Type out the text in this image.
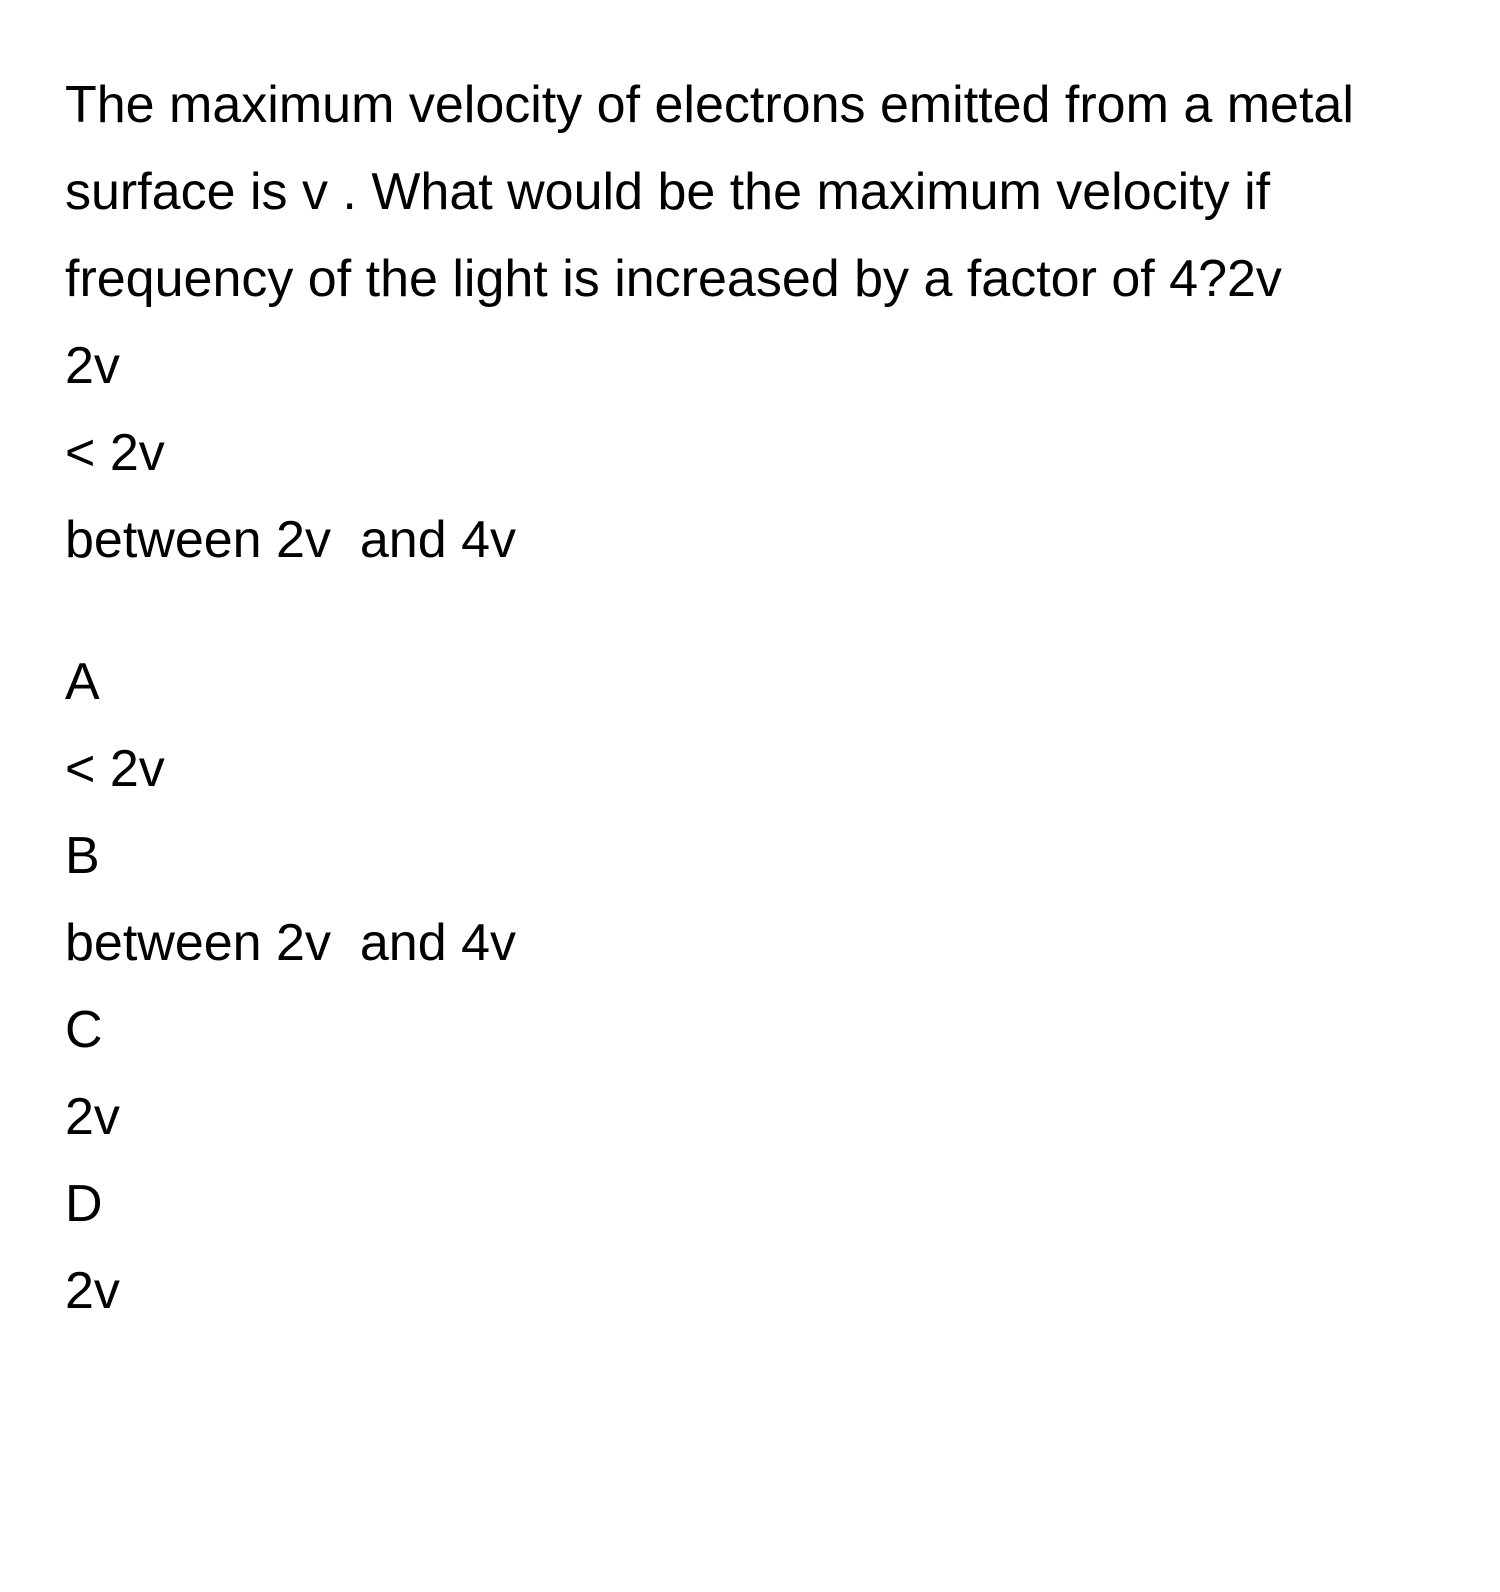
The maximum velocity of electrons emitted from a metal surface is v . What would be the maximum velocity if frequency of the light is increased by a factor of 4?2v
2v
< 2v
between 2v  and 4v
A
< 2v
B
between 2v  and 4v
C
2v
D
2v
